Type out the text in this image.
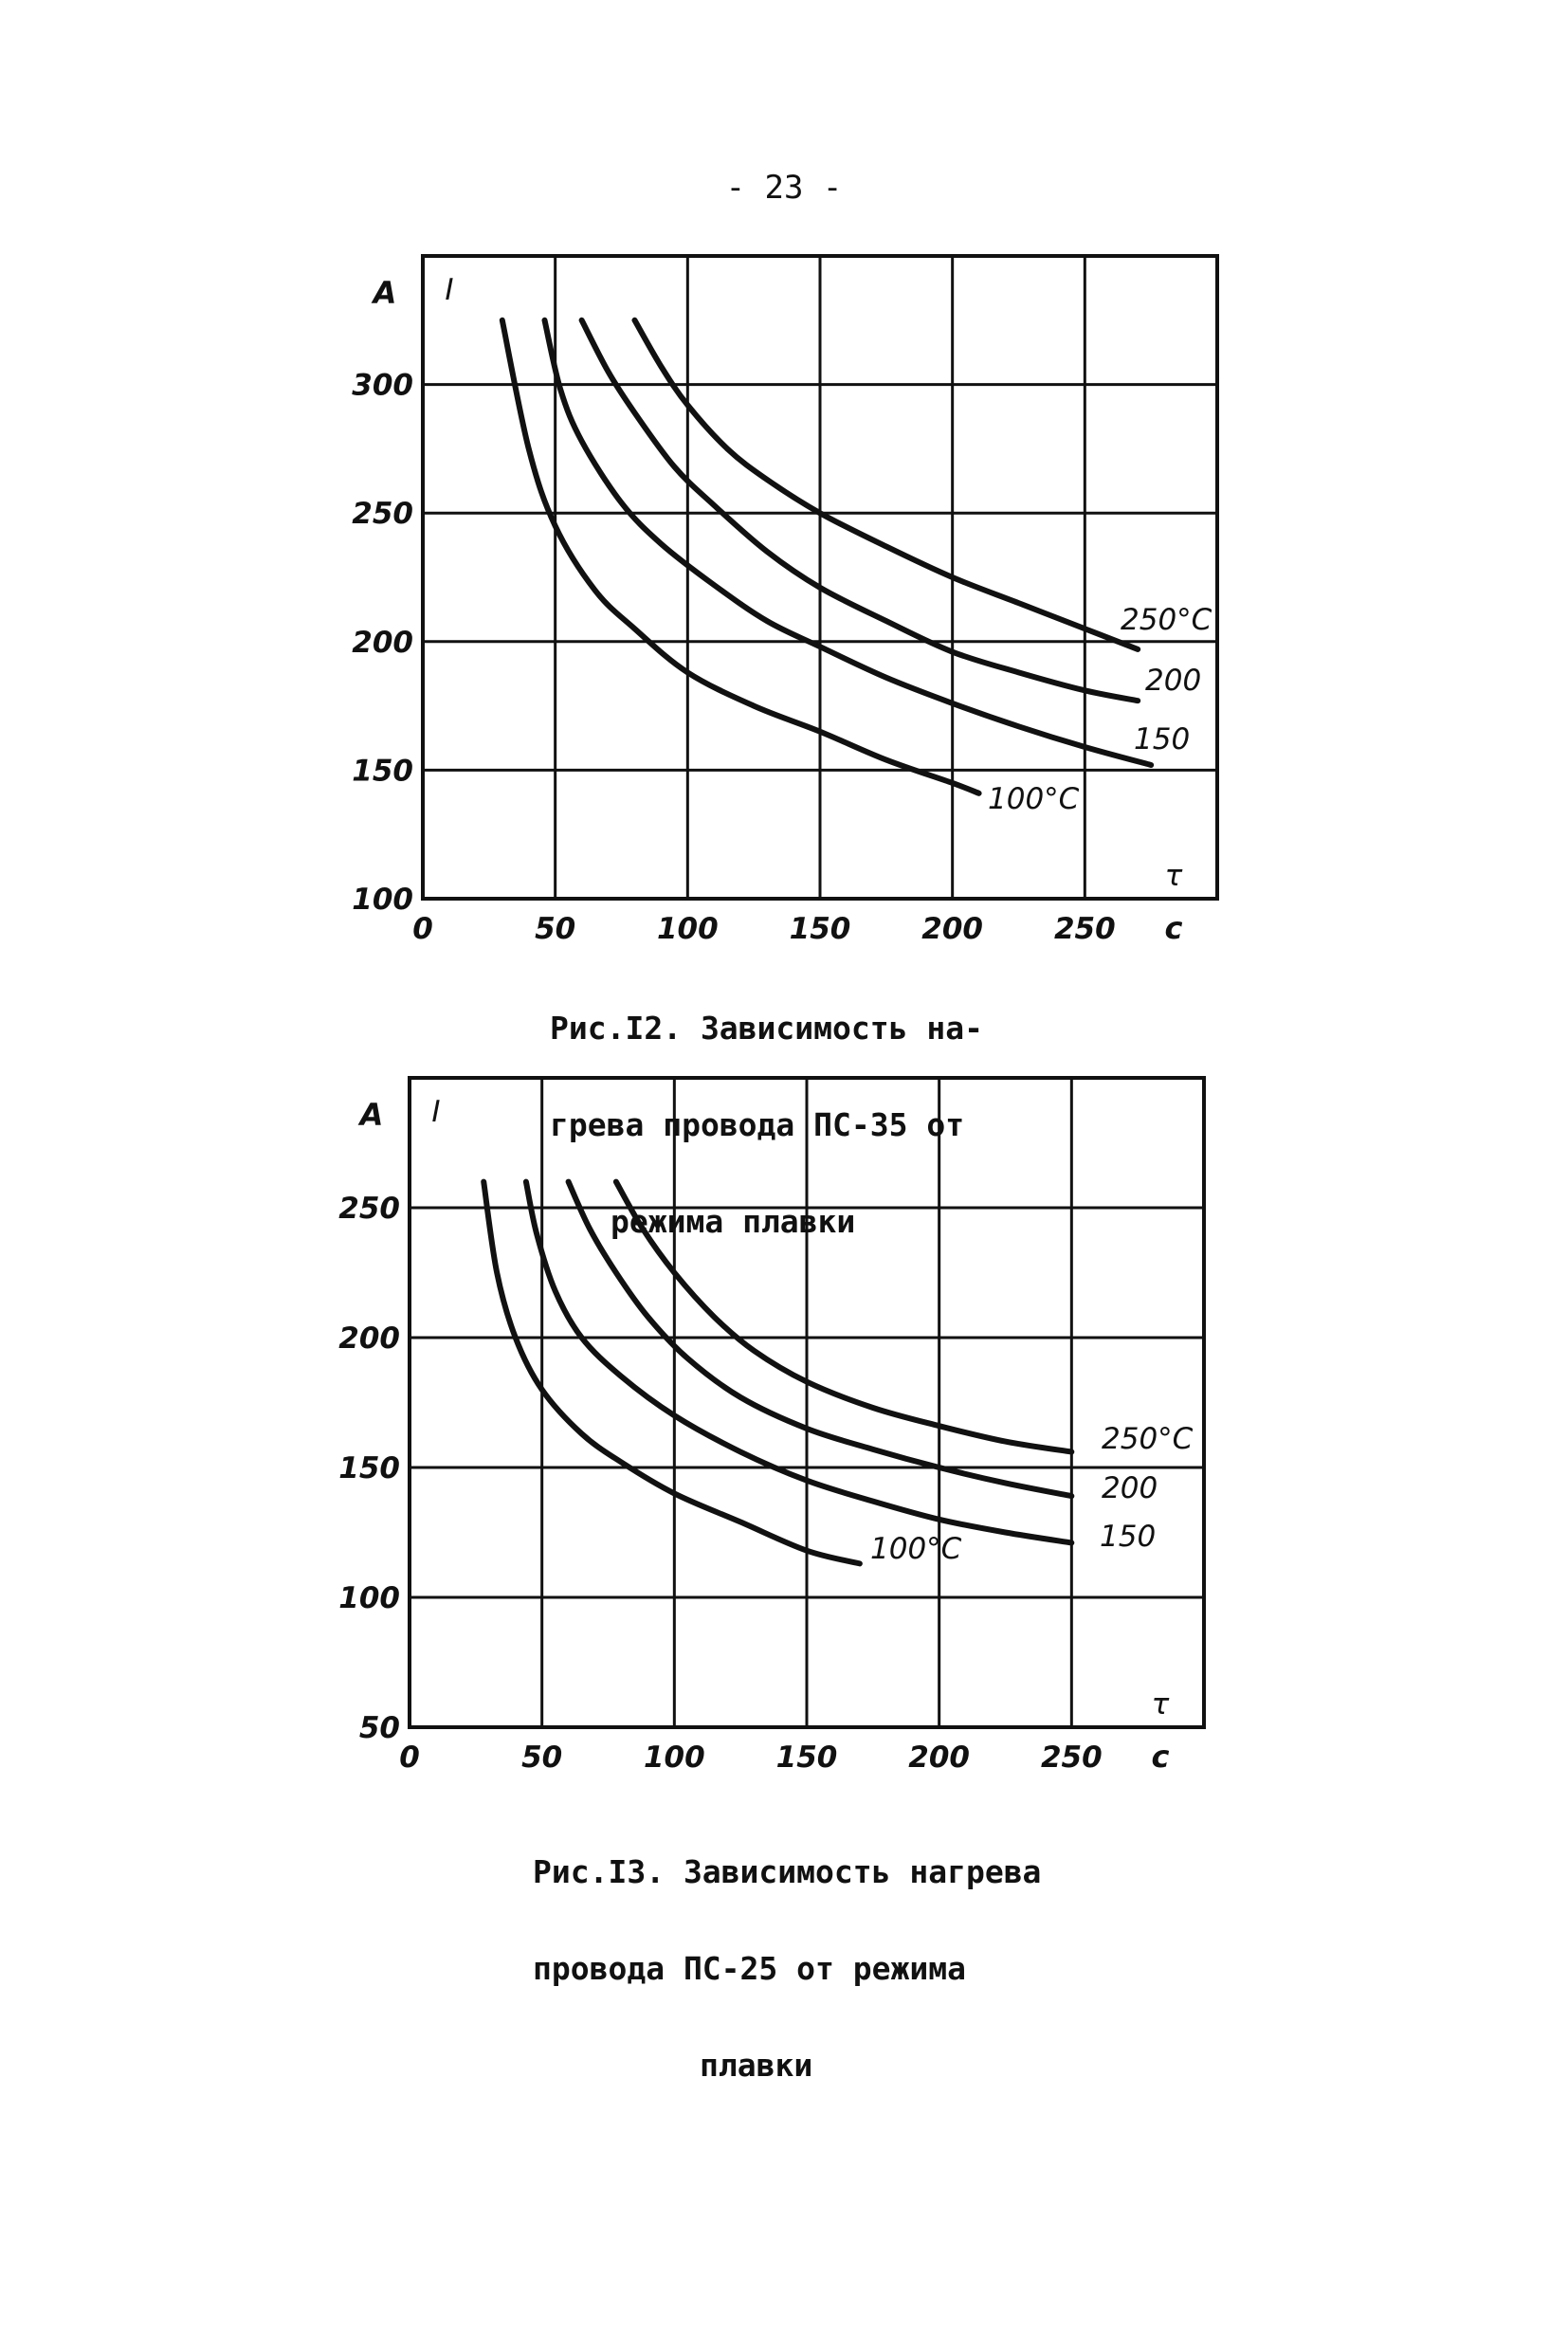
- 23 -
0	50	100 150 200 250
100
150
200
250
300
A I
τ
с
100°С
150
200
250°С

Рис.I2. Зависимость на-

грева провода ПС-35 от

режима плавки

0	50	100 150 200 250
50
100
150
200
250
A I
τ
с
100°С	150
200
250°С

Рис.I3. Зависимость нагрева

провода ПС-25 от режима

плавки
